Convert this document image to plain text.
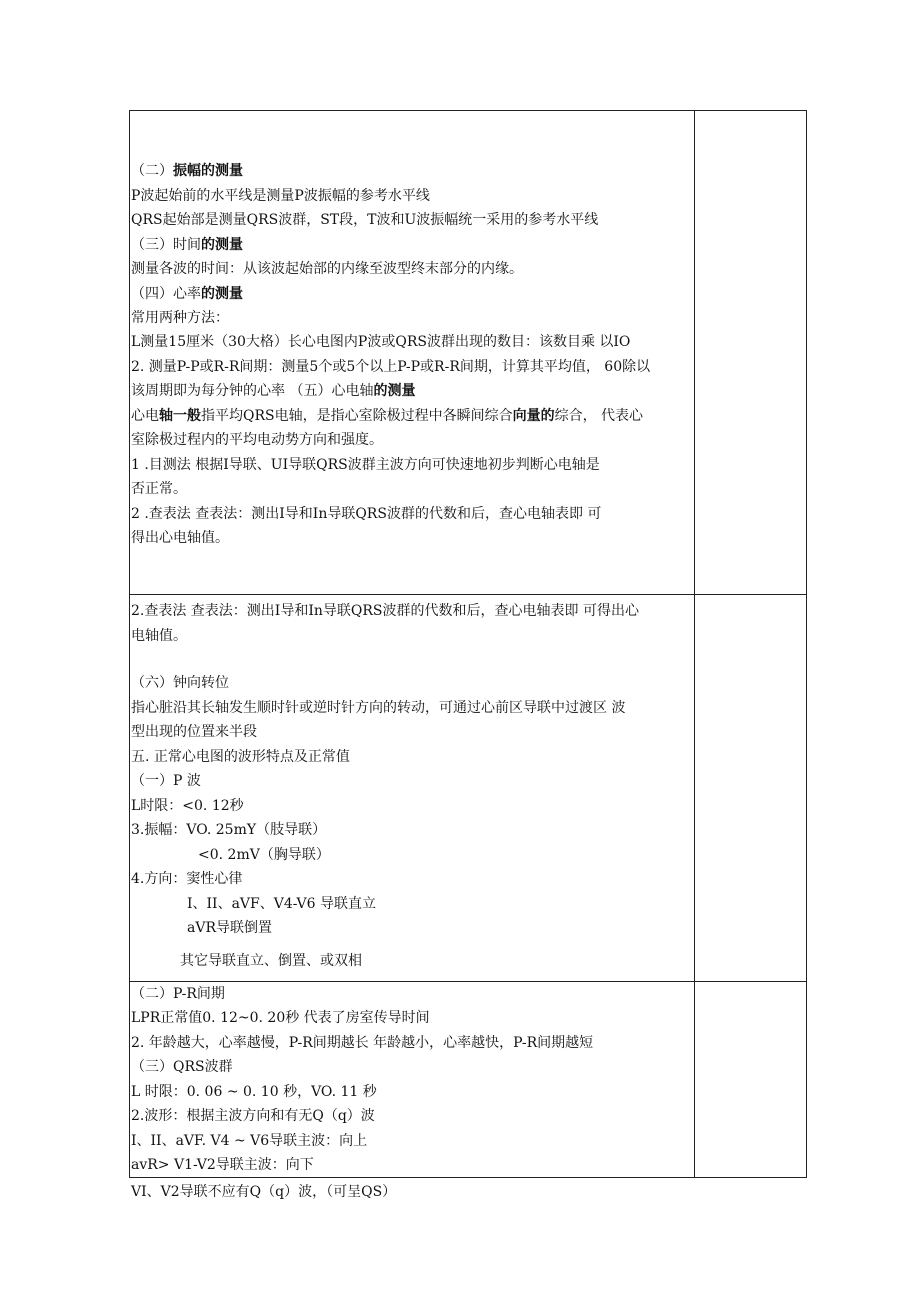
（二）振幅的测量
P波起始前的水平线是测量P波振幅的参考水平线
QRS起始部是测量QRS波群，ST段，T波和U波振幅统一采用的参考水平线
（三）时间的测量
测量各波的时间：从该波起始部的内缘至波型终末部分的内缘。
（四）心率的测量
常用两种方法：
L测量15厘米（30大格）长心电图内P波或QRS波群出现的数目：该数目乘 以IO
2. 测量P-P或R-R间期：测量5个或5个以上P-P或R-R间期，计算其平均值， 60除以
该周期即为每分钟的心率 （五）心电轴的测量
心电轴一般指平均QRS电轴，是指心室除极过程中各瞬间综合向量的综合， 代表心
室除极过程内的平均电动势方向和强度。
1 .目测法 根据I导联、UI导联QRS波群主波方向可快速地初步判断心电轴是
否正常。
2 .查表法 查表法：测出I导和In导联QRS波群的代数和后，查心电轴表即 可
得出心电轴值。
2.查表法 查表法：测出I导和In导联QRS波群的代数和后，查心电轴表即 可得出心
电轴值。
（六）钟向转位
指心脏沿其长轴发生顺时针或逆时针方向的转动，可通过心前区导联中过渡区 波
型出现的位置来半段
五. 正常心电图的波形特点及正常值
（一）P 波
L时限：<0. 12秒
3.振幅：VO. 25mY（肢导联）
<0. 2mV（胸导联）
4.方向：窦性心律
I、II、aVF、V4-V6 导联直立
aVR导联倒置
其它导联直立、倒置、或双相
（二）P-R间期
LPR正常值0. 12~0. 20秒 代表了房室传导时间
2. 年龄越大，心率越慢，P-R间期越长 年龄越小，心率越快，P-R间期越短
（三）QRS波群
L 时限：0. 06 ~ 0. 10 秒，VO. 11 秒
2.波形：根据主波方向和有无Q（q）波
I、II、aVF. V4 ~ V6导联主波：向上
avR> V1-V2导联主波：向下
VI、V2导联不应有Q（q）波，（可呈QS）
